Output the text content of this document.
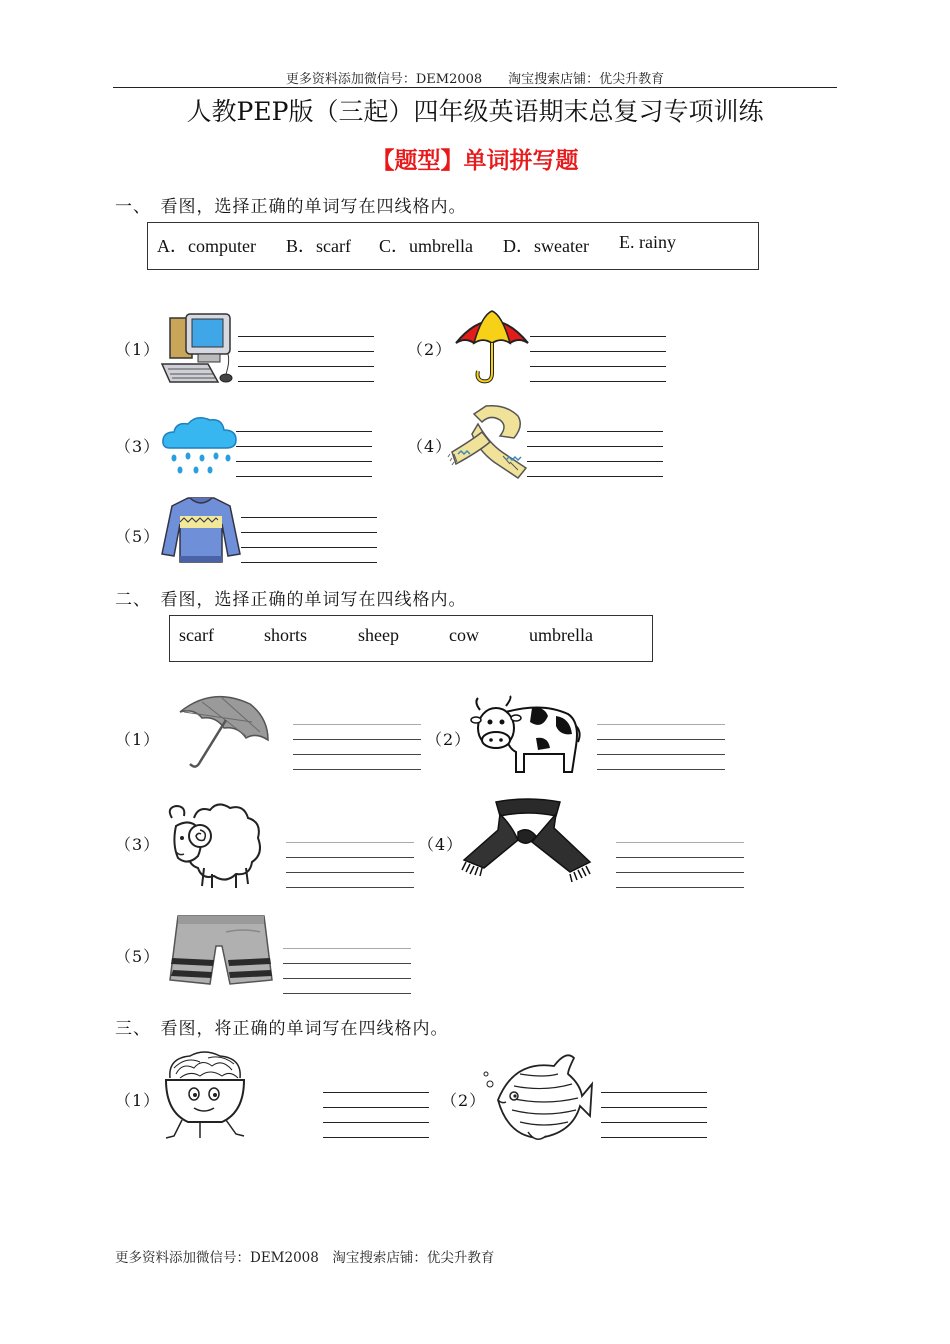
更多资料添加微信号：DEM2008　　淘宝搜索店铺：优尖升教育
人教PEP版（三起）四年级英语期末总复习专项训练
【题型】单词拼写题
一、　看图，选择正确的单词写在四线格内。
A．computer B．scarf C．umbrella D．sweater E. rainy
（1）	（2）
（3）	（4）
（5）
二、　看图，选择正确的单词写在四线格内。
scarf	shorts	sheep	cow	umbrella
（1）	（2）
（3）	（4）
（5）
三、　看图，将正确的单词写在四线格内。
（1）	（2）
更多资料添加微信号：DEM2008　淘宝搜索店铺：优尖升教育
